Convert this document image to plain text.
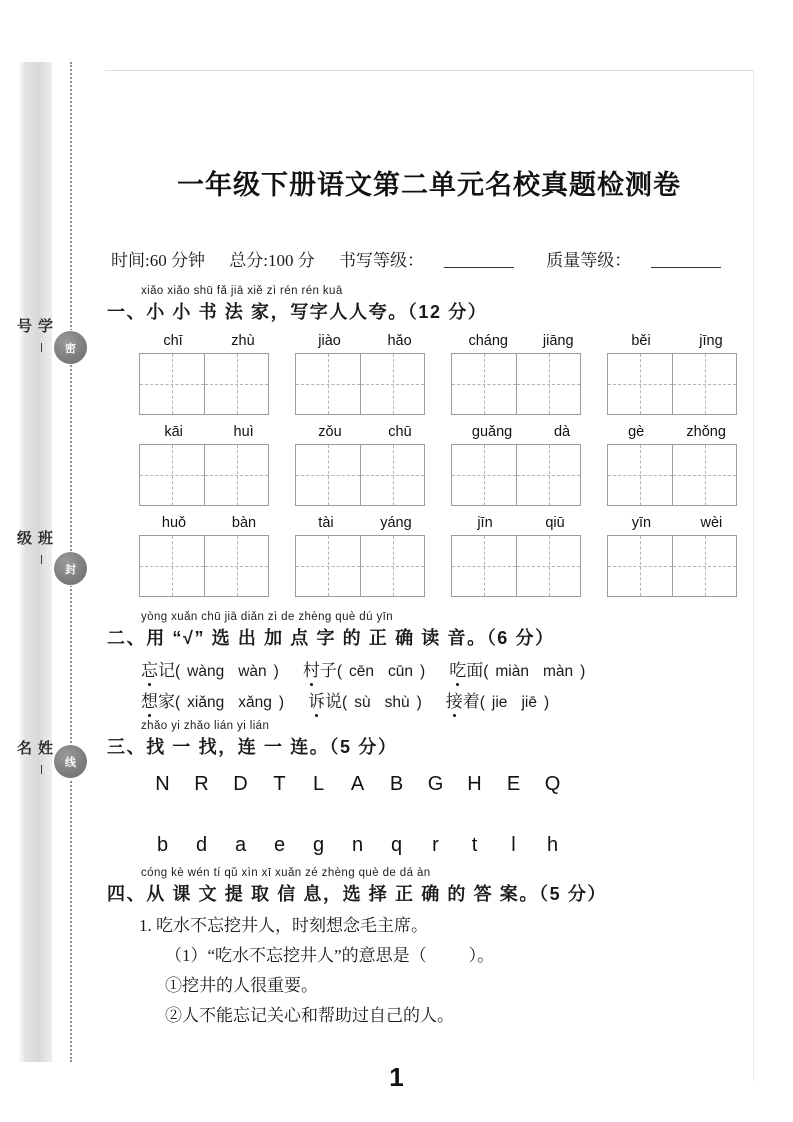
学号
班级
姓名
密
封
线
一年级下册语文第二单元名校真题检测卷
时间:60 分钟 总分:100 分 书写等级：	质量等级：
xiǎo xiǎo shū fǎ jiā xiě zì rén rén kuā
一、小 小 书 法 家，写字人人夸。（12 分）
chī	zhù	jiào	hǎo	cháng jiāng	běi	jīng
kāi	huì	zǒu	chū	guǎng	dà	gè	zhǒng
huǒ	bàn	tài	yáng	jīn	qiū	yīn	wèi
yòng xuǎn chū jiā diǎn zì de zhèng què dú yīn
二、用 “√” 选 出 加 点 字 的 正 确 读 音。（6 分）
忘记( wàng wàn ) 村子( cēn cūn ) 吃面( miàn màn )
想家( xiǎng xǎng ) 诉说( sù shù ) 接着( jie jiē )
zhǎo yi zhǎo lián yi lián
三、找 一 找，连 一 连。（5 分）
N	R	D	T	L	A	B	G	H	E	Q
b	d	a	e	g	n	q	r	t	l	h
cóng kè wén tí qǔ xìn xī xuǎn zé zhèng què de dá àn
四、从 课 文 提 取 信 息，选 择 正 确 的 答 案。（5 分）
1. 吃水不忘挖井人，时刻想念毛主席。
（1）“吃水不忘挖井人”的意思是（ ）。
①挖井的人很重要。
②人不能忘记关心和帮助过自己的人。
1
